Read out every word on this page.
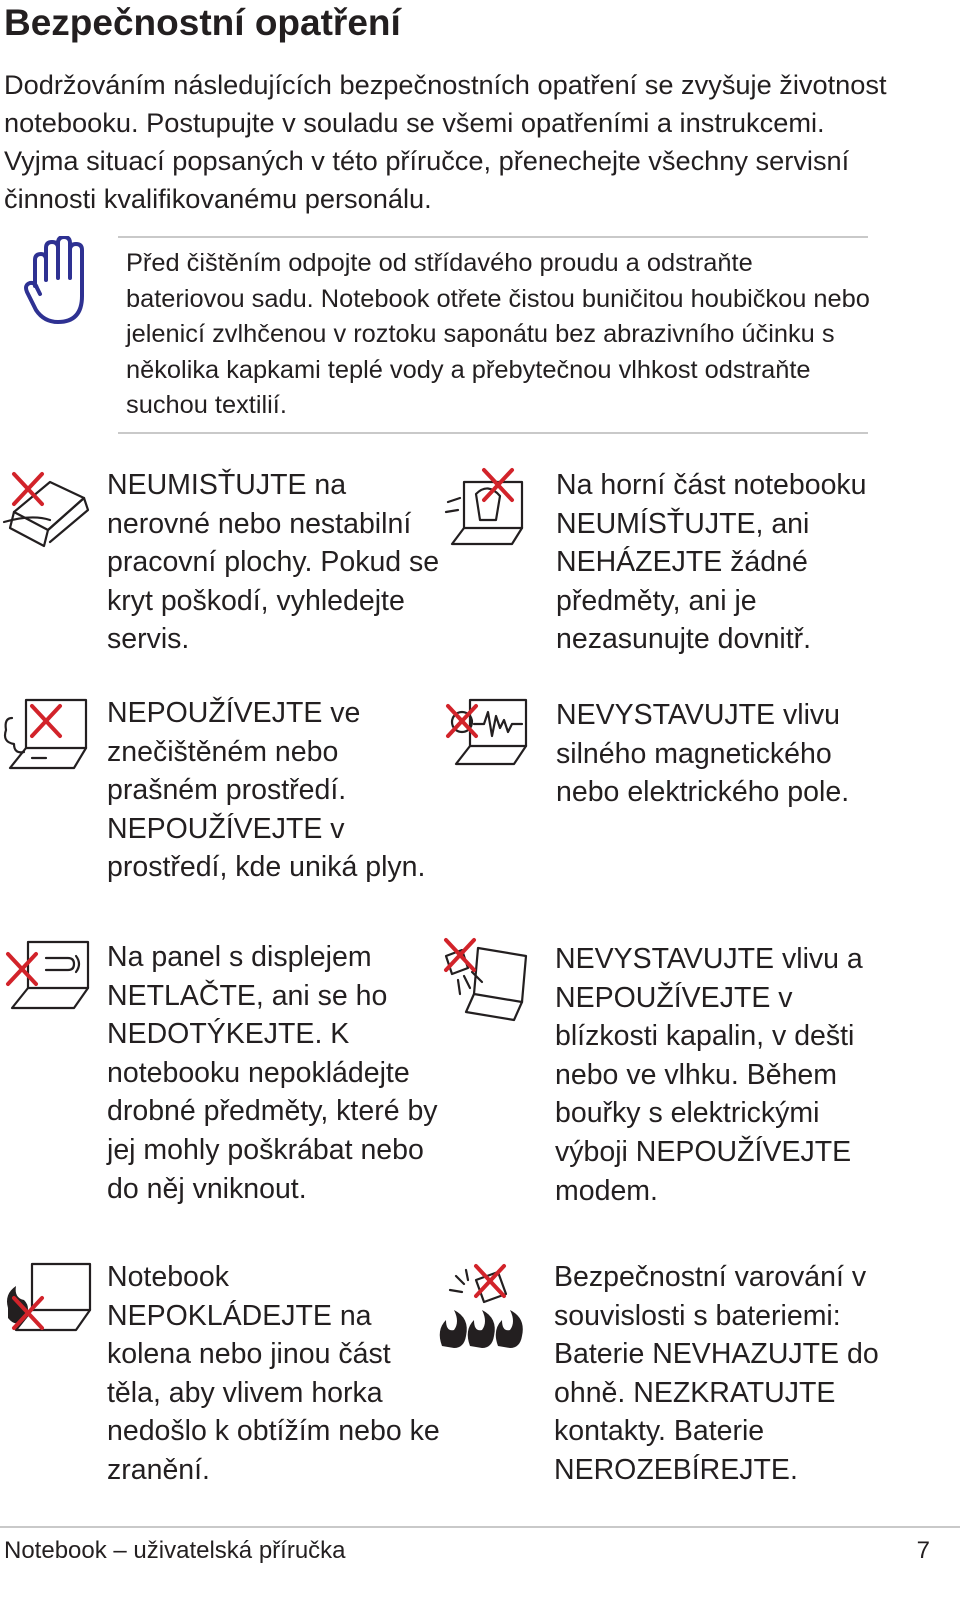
Bezpečnostní opatření

Dodržováním následujících bezpečnostních opatření se zvyšuje životnost notebooku. Postupujte v souladu se všemi opatřeními a instrukcemi. Vyjma situací popsaných v této příručce, přenechejte všechny servisní činnosti kvalifikovanému personálu.

Před čištěním odpojte od střídavého proudu a odstraňte bateriovou sadu. Notebook otřete čistou buničitou houbičkou nebo jelenicí zvlhčenou v roztoku saponátu bez abrazivního účinku s několika kapkami teplé vody a přebytečnou vlhkost odstraňte suchou textilií.

NEUMISŤUJTE na nerovné nebo nestabilní pracovní plochy. Pokud se kryt poškodí, vyhledejte servis.

Na horní část notebooku NEUMÍSŤUJTE, ani NEHÁZEJTE žádné předměty, ani je nezasunujte dovnitř.

NEPOUŽÍVEJTE ve znečištěném nebo prašném prostředí. NEPOUŽÍVEJTE v prostředí, kde uniká plyn.

NEVYSTAVUJTE vlivu silného magnetického nebo elektrického pole.

Na panel s displejem NETLAČTE, ani se ho NEDOTÝKEJTE. K notebooku nepokládejte drobné předměty, které by jej mohly poškrábat nebo do něj vniknout.

NEVYSTAVUJTE vlivu a NEPOUŽÍVEJTE v blízkosti kapalin, v dešti nebo ve vlhku. Během bouřky s elektrickými výboji NEPOUŽÍVEJTE modem.

Notebook NEPOKLÁDEJTE na kolena nebo jinou část těla, aby vlivem horka nedošlo k obtížím nebo ke zranění.

Bezpečnostní varování v souvislosti s bateriemi: Baterie NEVHAZUJTE do ohně. NEZKRATUJTE kontakty. Baterie NEROZEBÍREJTE.

Notebook – uživatelská příručka	7
